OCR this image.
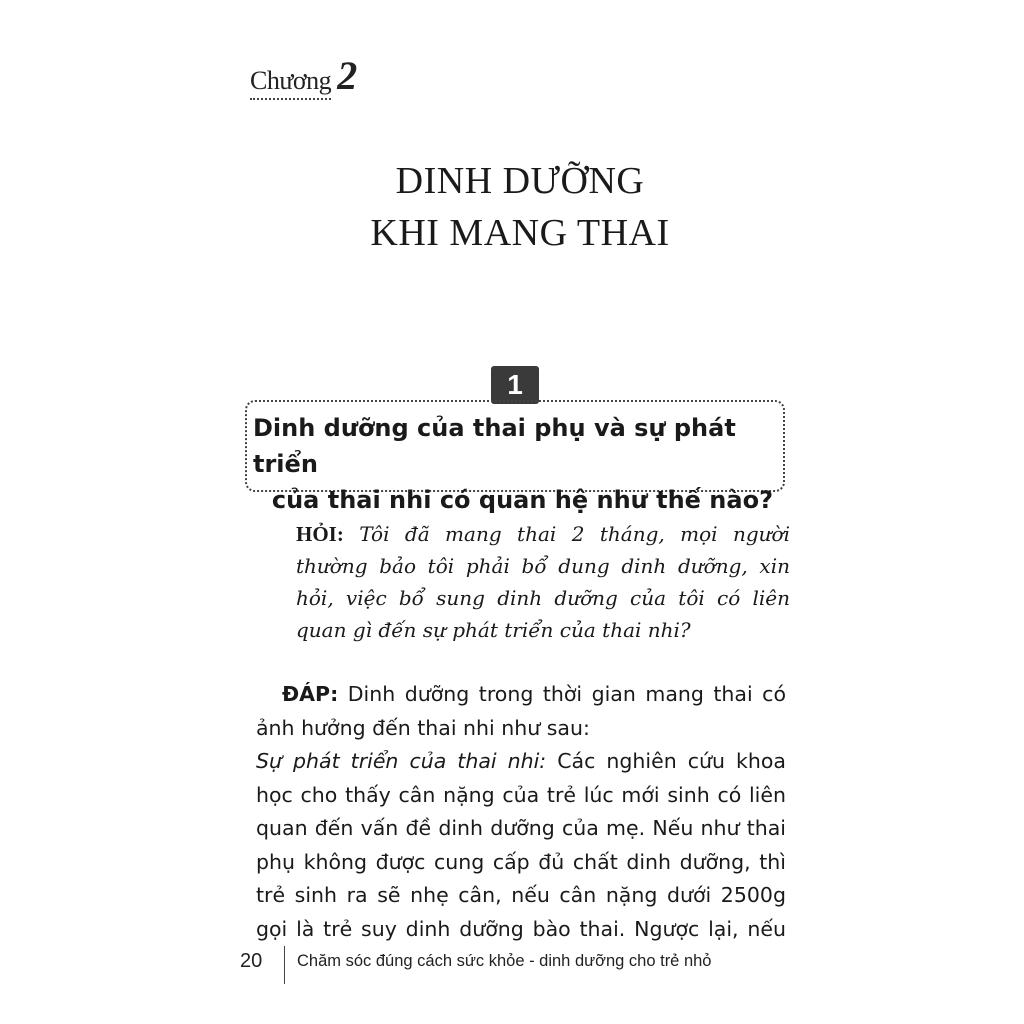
Chương 2
DINH DƯỠNG
KHI MANG THAI
1
Dinh dưỡng của thai phụ và sự phát triển
của thai nhi có quan hệ như thế nào?
HỎI: Tôi đã mang thai 2 tháng, mọi người
thường bảo tôi phải bổ dung dinh dưỡng, xin
hỏi, việc bổ sung dinh dưỡng của tôi có liên
quan gì đến sự phát triển của thai nhi?
ĐÁP: Dinh dưỡng trong thời gian mang thai có
ảnh hưởng đến thai nhi như sau:
Sự phát triển của thai nhi: Các nghiên cứu khoa
học cho thấy cân nặng của trẻ lúc mới sinh có liên
quan đến vấn đề dinh dưỡng của mẹ. Nếu như thai
phụ không được cung cấp đủ chất dinh dưỡng, thì
trẻ sinh ra sẽ nhẹ cân, nếu cân nặng dưới 2500g
gọi là trẻ suy dinh dưỡng bào thai. Ngược lại, nếu
20 Chăm sóc đúng cách sức khỏe - dinh dưỡng cho trẻ nhỏ
